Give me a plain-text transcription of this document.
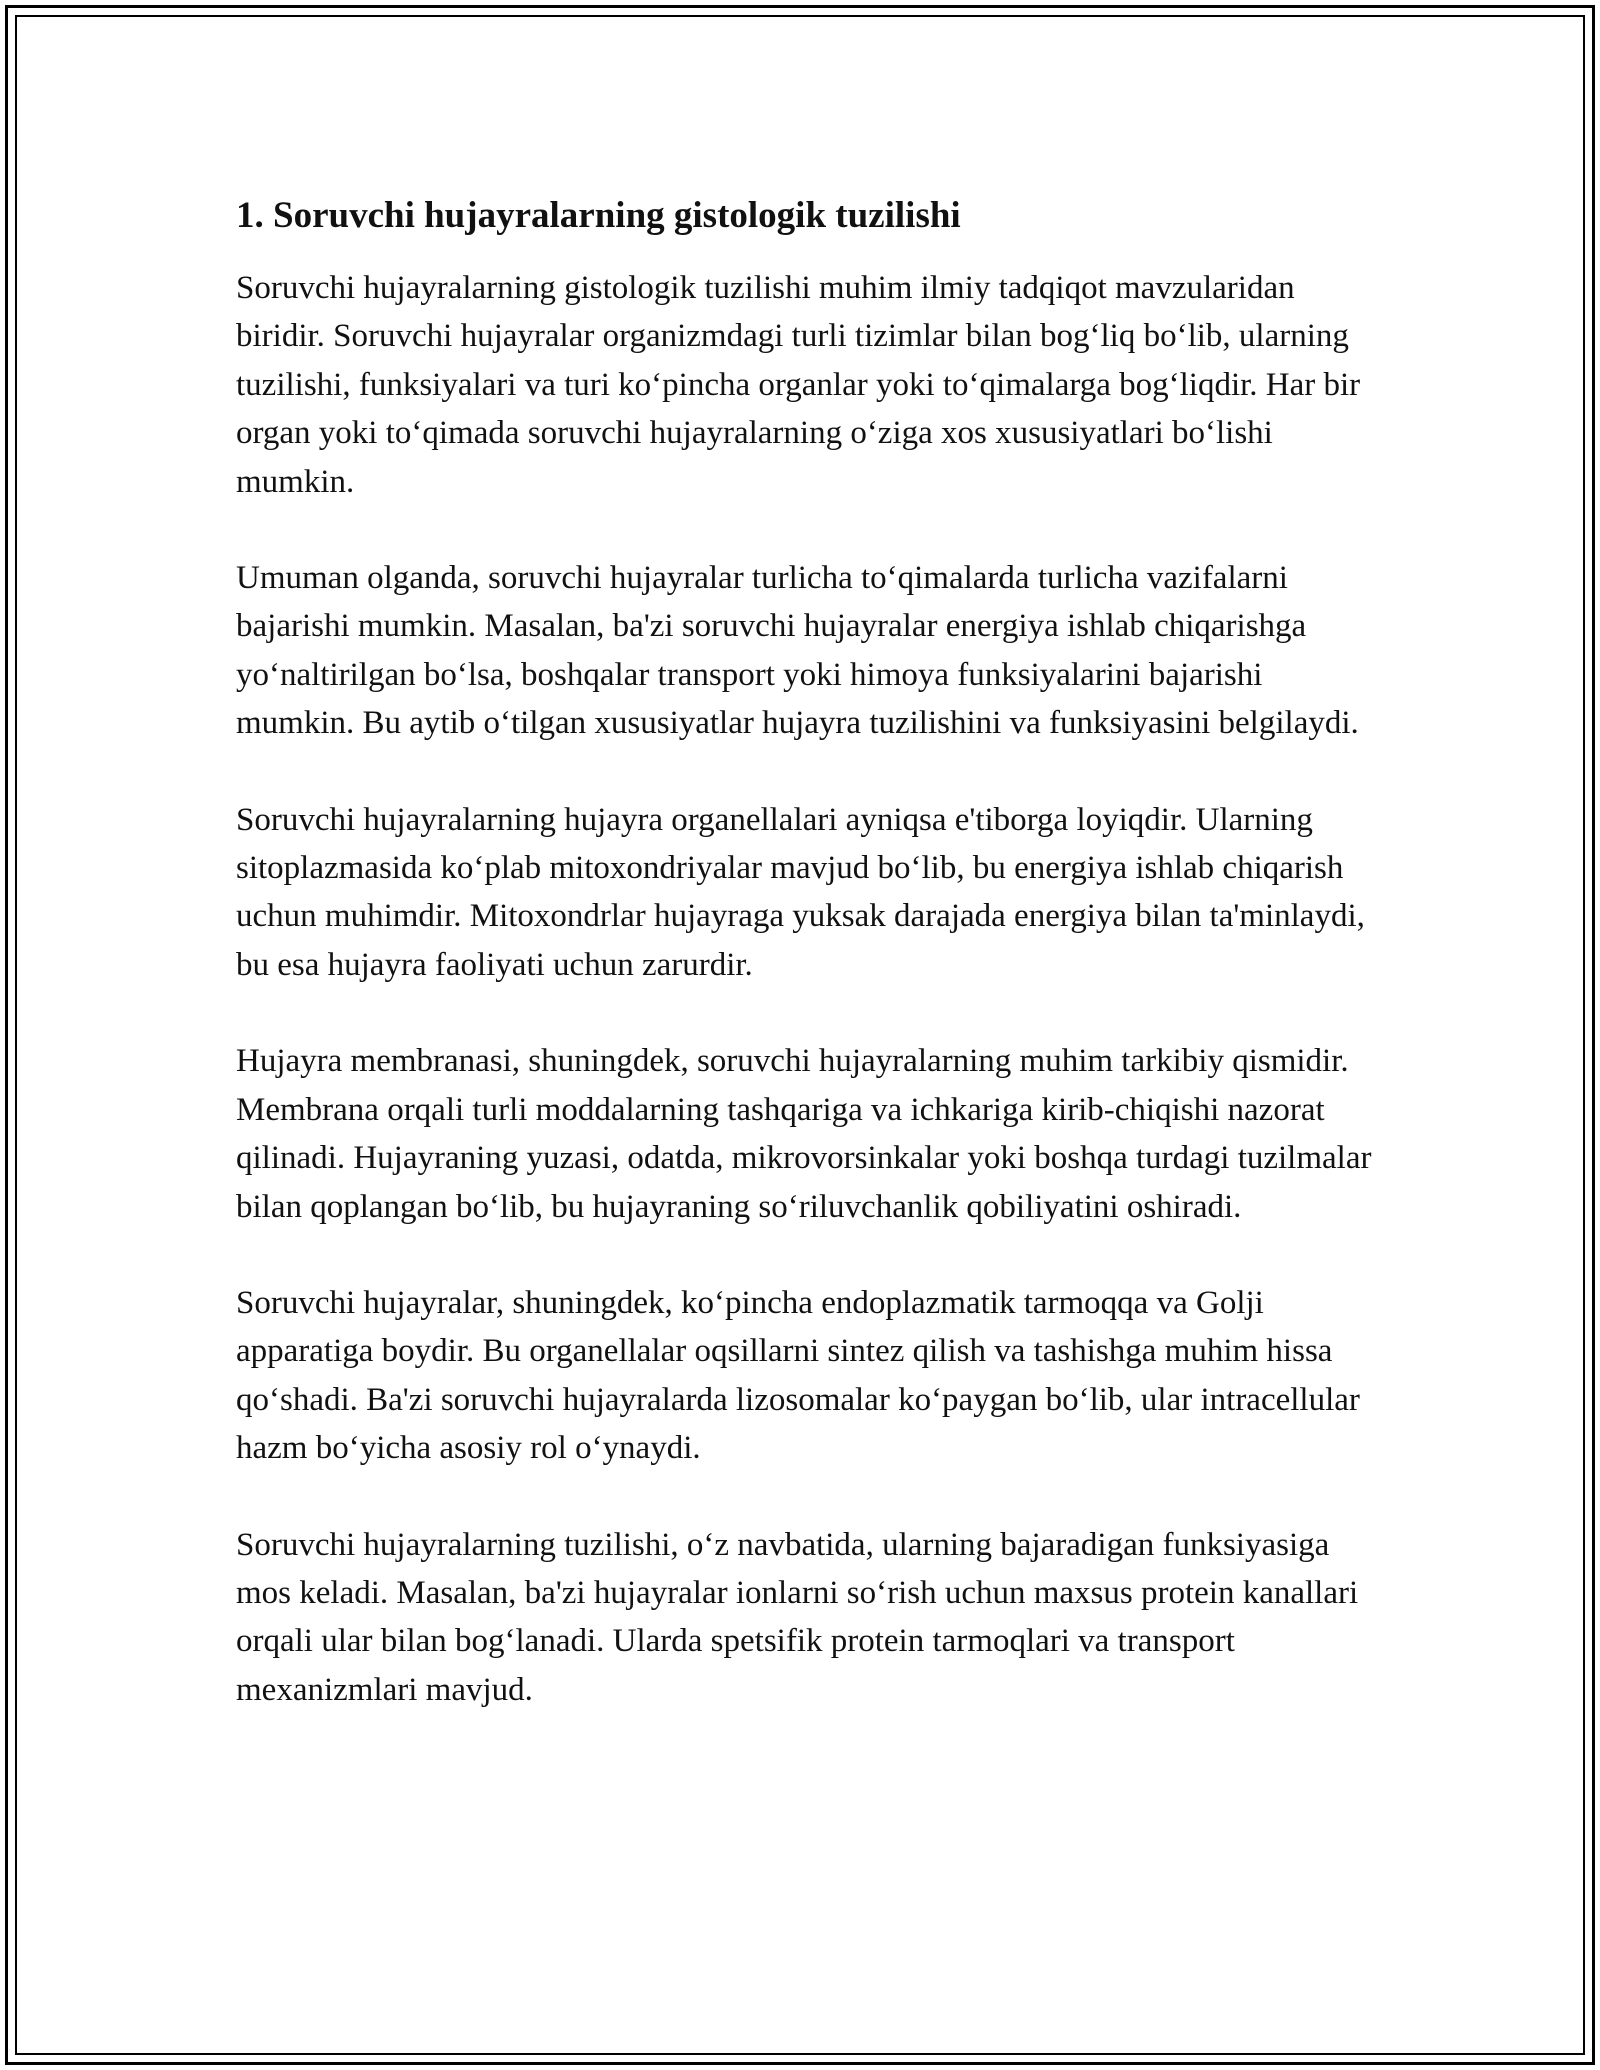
1. Soruvchi hujayralarning gistologik tuzilishi

Soruvchi hujayralarning gistologik tuzilishi muhim ilmiy tadqiqot mavzularidan biridir. Soruvchi hujayralar organizmdagi turli tizimlar bilan bog‘liq bo‘lib, ularning tuzilishi, funksiyalari va turi ko‘pincha organlar yoki to‘qimalarga bog‘liqdir. Har bir organ yoki to‘qimada soruvchi hujayralarning o‘ziga xos xususiyatlari bo‘lishi mumkin.

Umuman olganda, soruvchi hujayralar turlicha to‘qimalarda turlicha vazifalarni bajarishi mumkin. Masalan, ba'zi soruvchi hujayralar energiya ishlab chiqarishga yo‘naltirilgan bo‘lsa, boshqalar transport yoki himoya funksiyalarini bajarishi mumkin. Bu aytib o‘tilgan xususiyatlar hujayra tuzilishini va funksiyasini belgilaydi.

Soruvchi hujayralarning hujayra organellalari ayniqsa e'tiborga loyiqdir. Ularning sitoplazmasida ko‘plab mitoxondriyalar mavjud bo‘lib, bu energiya ishlab chiqarish uchun muhimdir. Mitoxondrlar hujayraga yuksak darajada energiya bilan ta'minlaydi, bu esa hujayra faoliyati uchun zarurdir.

Hujayra membranasi, shuningdek, soruvchi hujayralarning muhim tarkibiy qismidir. Membrana orqali turli moddalarning tashqariga va ichkariga kirib-chiqishi nazorat qilinadi. Hujayraning yuzasi, odatda, mikrovorsinkalar yoki boshqa turdagi tuzilmalar bilan qoplangan bo‘lib, bu hujayraning so‘riluvchanlik qobiliyatini oshiradi.

Soruvchi hujayralar, shuningdek, ko‘pincha endoplazmatik tarmoqqa va Golji apparatiga boydir. Bu organellalar oqsillarni sintez qilish va tashishga muhim hissa qo‘shadi. Ba'zi soruvchi hujayralarda lizosomalar ko‘paygan bo‘lib, ular intracellular hazm bo‘yicha asosiy rol o‘ynaydi.

Soruvchi hujayralarning tuzilishi, o‘z navbatida, ularning bajaradigan funksiyasiga mos keladi. Masalan, ba'zi hujayralar ionlarni so‘rish uchun maxsus protein kanallari orqali ular bilan bog‘lanadi. Ularda spetsifik protein tarmoqlari va transport mexanizmlari mavjud.
